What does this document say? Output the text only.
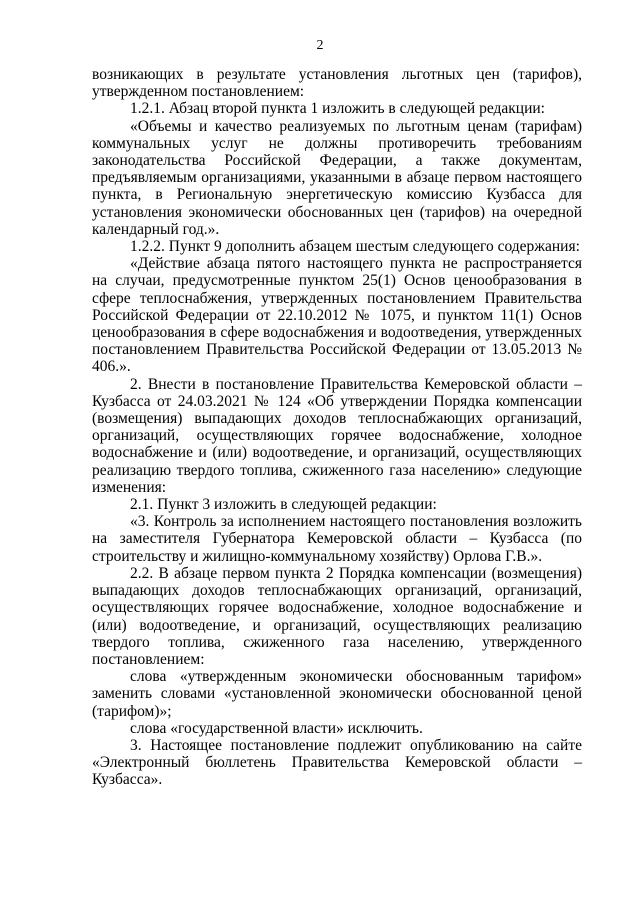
2

возникающих в результате установления льготных цен (тарифов), утвержденном постановлением:

1.2.1. Абзац второй пункта 1 изложить в следующей редакции:

«Объемы и качество реализуемых по льготным ценам (тарифам) коммунальных услуг не должны противоречить требованиям законодательства Российской Федерации, а также документам, предъявляемым организациями, указанными в абзаце первом настоящего пункта, в Региональную энергетическую комиссию Кузбасса для установления экономически обоснованных цен (тарифов) на очередной календарный год.».

1.2.2. Пункт 9 дополнить абзацем шестым следующего содержания:

«Действие абзаца пятого настоящего пункта не распространяется на случаи, предусмотренные пунктом 25(1) Основ ценообразования в сфере теплоснабжения, утвержденных постановлением Правительства Российской Федерации от 22.10.2012 № 1075, и пунктом 11(1) Основ ценообразования в сфере водоснабжения и водоотведения, утвержденных постановлением Правительства Российской Федерации от 13.05.2013 № 406.».

2. Внести в постановление Правительства Кемеровской области – Кузбасса от 24.03.2021 № 124 «Об утверждении Порядка компенсации (возмещения) выпадающих доходов теплоснабжающих организаций, организаций, осуществляющих горячее водоснабжение, холодное водоснабжение и (или) водоотведение, и организаций, осуществляющих реализацию твердого топлива, сжиженного газа населению» следующие изменения:

2.1. Пункт 3 изложить в следующей редакции:

«3. Контроль за исполнением настоящего постановления возложить на заместителя Губернатора Кемеровской области – Кузбасса (по строительству и жилищно-коммунальному хозяйству) Орлова Г.В.».

2.2. В абзаце первом пункта 2 Порядка компенсации (возмещения) выпадающих доходов теплоснабжающих организаций, организаций, осуществляющих горячее водоснабжение, холодное водоснабжение и (или) водоотведение, и организаций, осуществляющих реализацию твердого топлива, сжиженного газа населению, утвержденного постановлением:

слова «утвержденным экономически обоснованным тарифом» заменить словами «установленной экономически обоснованной ценой (тарифом)»;

слова «государственной власти» исключить.

3. Настоящее постановление подлежит опубликованию на сайте «Электронный бюллетень Правительства Кемеровской области – Кузбасса».
